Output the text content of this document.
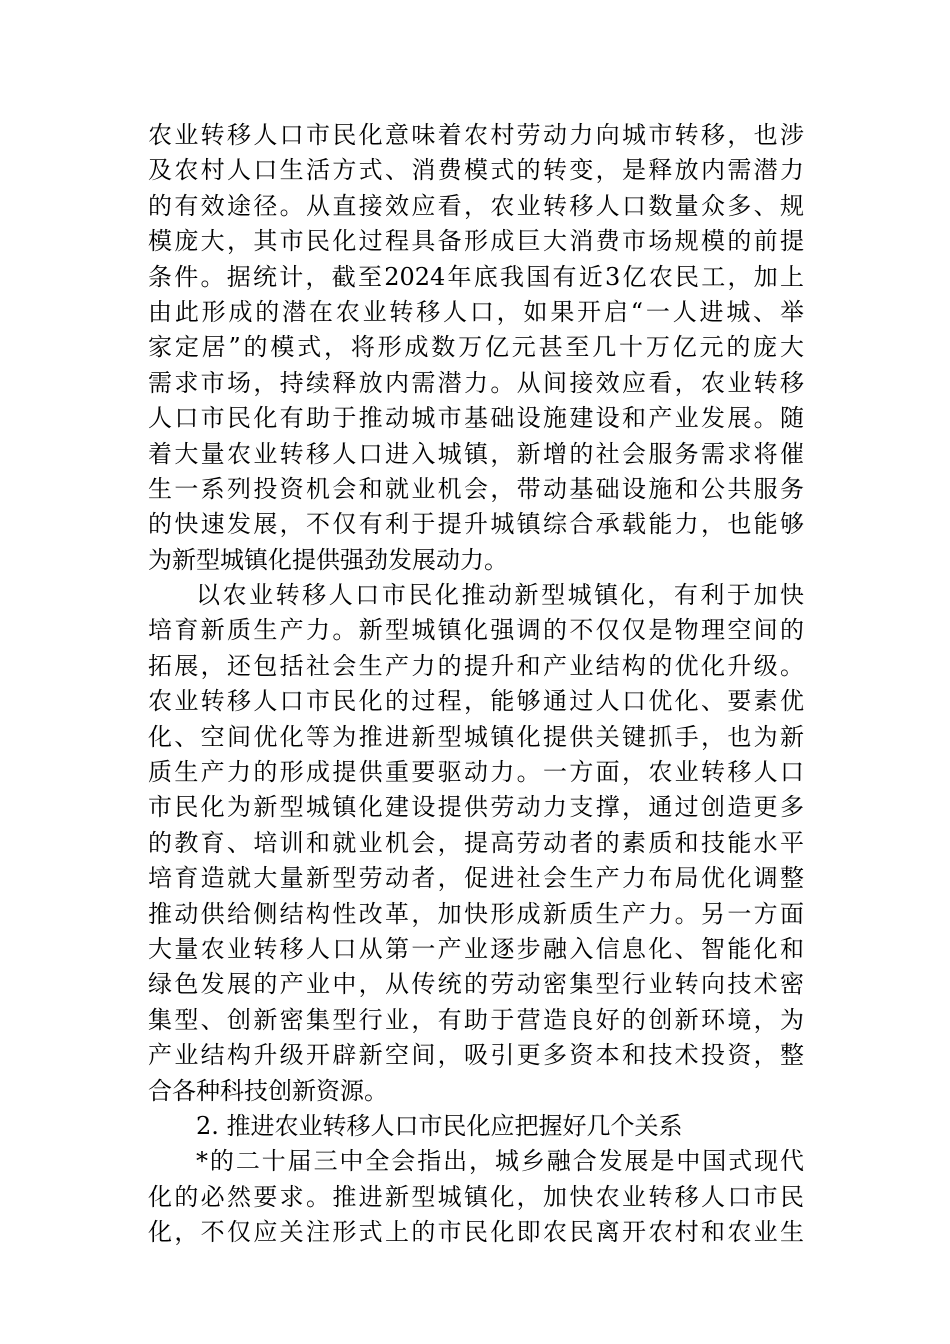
农业转移人口市民化意味着农村劳动力向城市转移，也涉
及农村人口生活方式、消费模式的转变，是释放内需潜力
的有效途径。从直接效应看，农业转移人口数量众多、规
模庞大，其市民化过程具备形成巨大消费市场规模的前提
条件。据统计，截至2024年底我国有近3亿农民工，加上
由此形成的潜在农业转移人口，如果开启“一人进城、举
家定居”的模式，将形成数万亿元甚至几十万亿元的庞大
需求市场，持续释放内需潜力。从间接效应看，农业转移
人口市民化有助于推动城市基础设施建设和产业发展。随
着大量农业转移人口进入城镇，新增的社会服务需求将催
生一系列投资机会和就业机会，带动基础设施和公共服务
的快速发展，不仅有利于提升城镇综合承载能力，也能够
为新型城镇化提供强劲发展动力。
以农业转移人口市民化推动新型城镇化，有利于加快
培育新质生产力。新型城镇化强调的不仅仅是物理空间的
拓展，还包括社会生产力的提升和产业结构的优化升级。
农业转移人口市民化的过程，能够通过人口优化、要素优
化、空间优化等为推进新型城镇化提供关键抓手，也为新
质生产力的形成提供重要驱动力。一方面，农业转移人口
市民化为新型城镇化建设提供劳动力支撑，通过创造更多
的教育、培训和就业机会，提高劳动者的素质和技能水平
培育造就大量新型劳动者，促进社会生产力布局优化调整
推动供给侧结构性改革，加快形成新质生产力。另一方面
大量农业转移人口从第一产业逐步融入信息化、智能化和
绿色发展的产业中，从传统的劳动密集型行业转向技术密
集型、创新密集型行业，有助于营造良好的创新环境，为
产业结构升级开辟新空间，吸引更多资本和技术投资，整
合各种科技创新资源。
2. 推进农业转移人口市民化应把握好几个关系
*的二十届三中全会指出，城乡融合发展是中国式现代
化的必然要求。推进新型城镇化，加快农业转移人口市民
化，不仅应关注形式上的市民化即农民离开农村和农业生
